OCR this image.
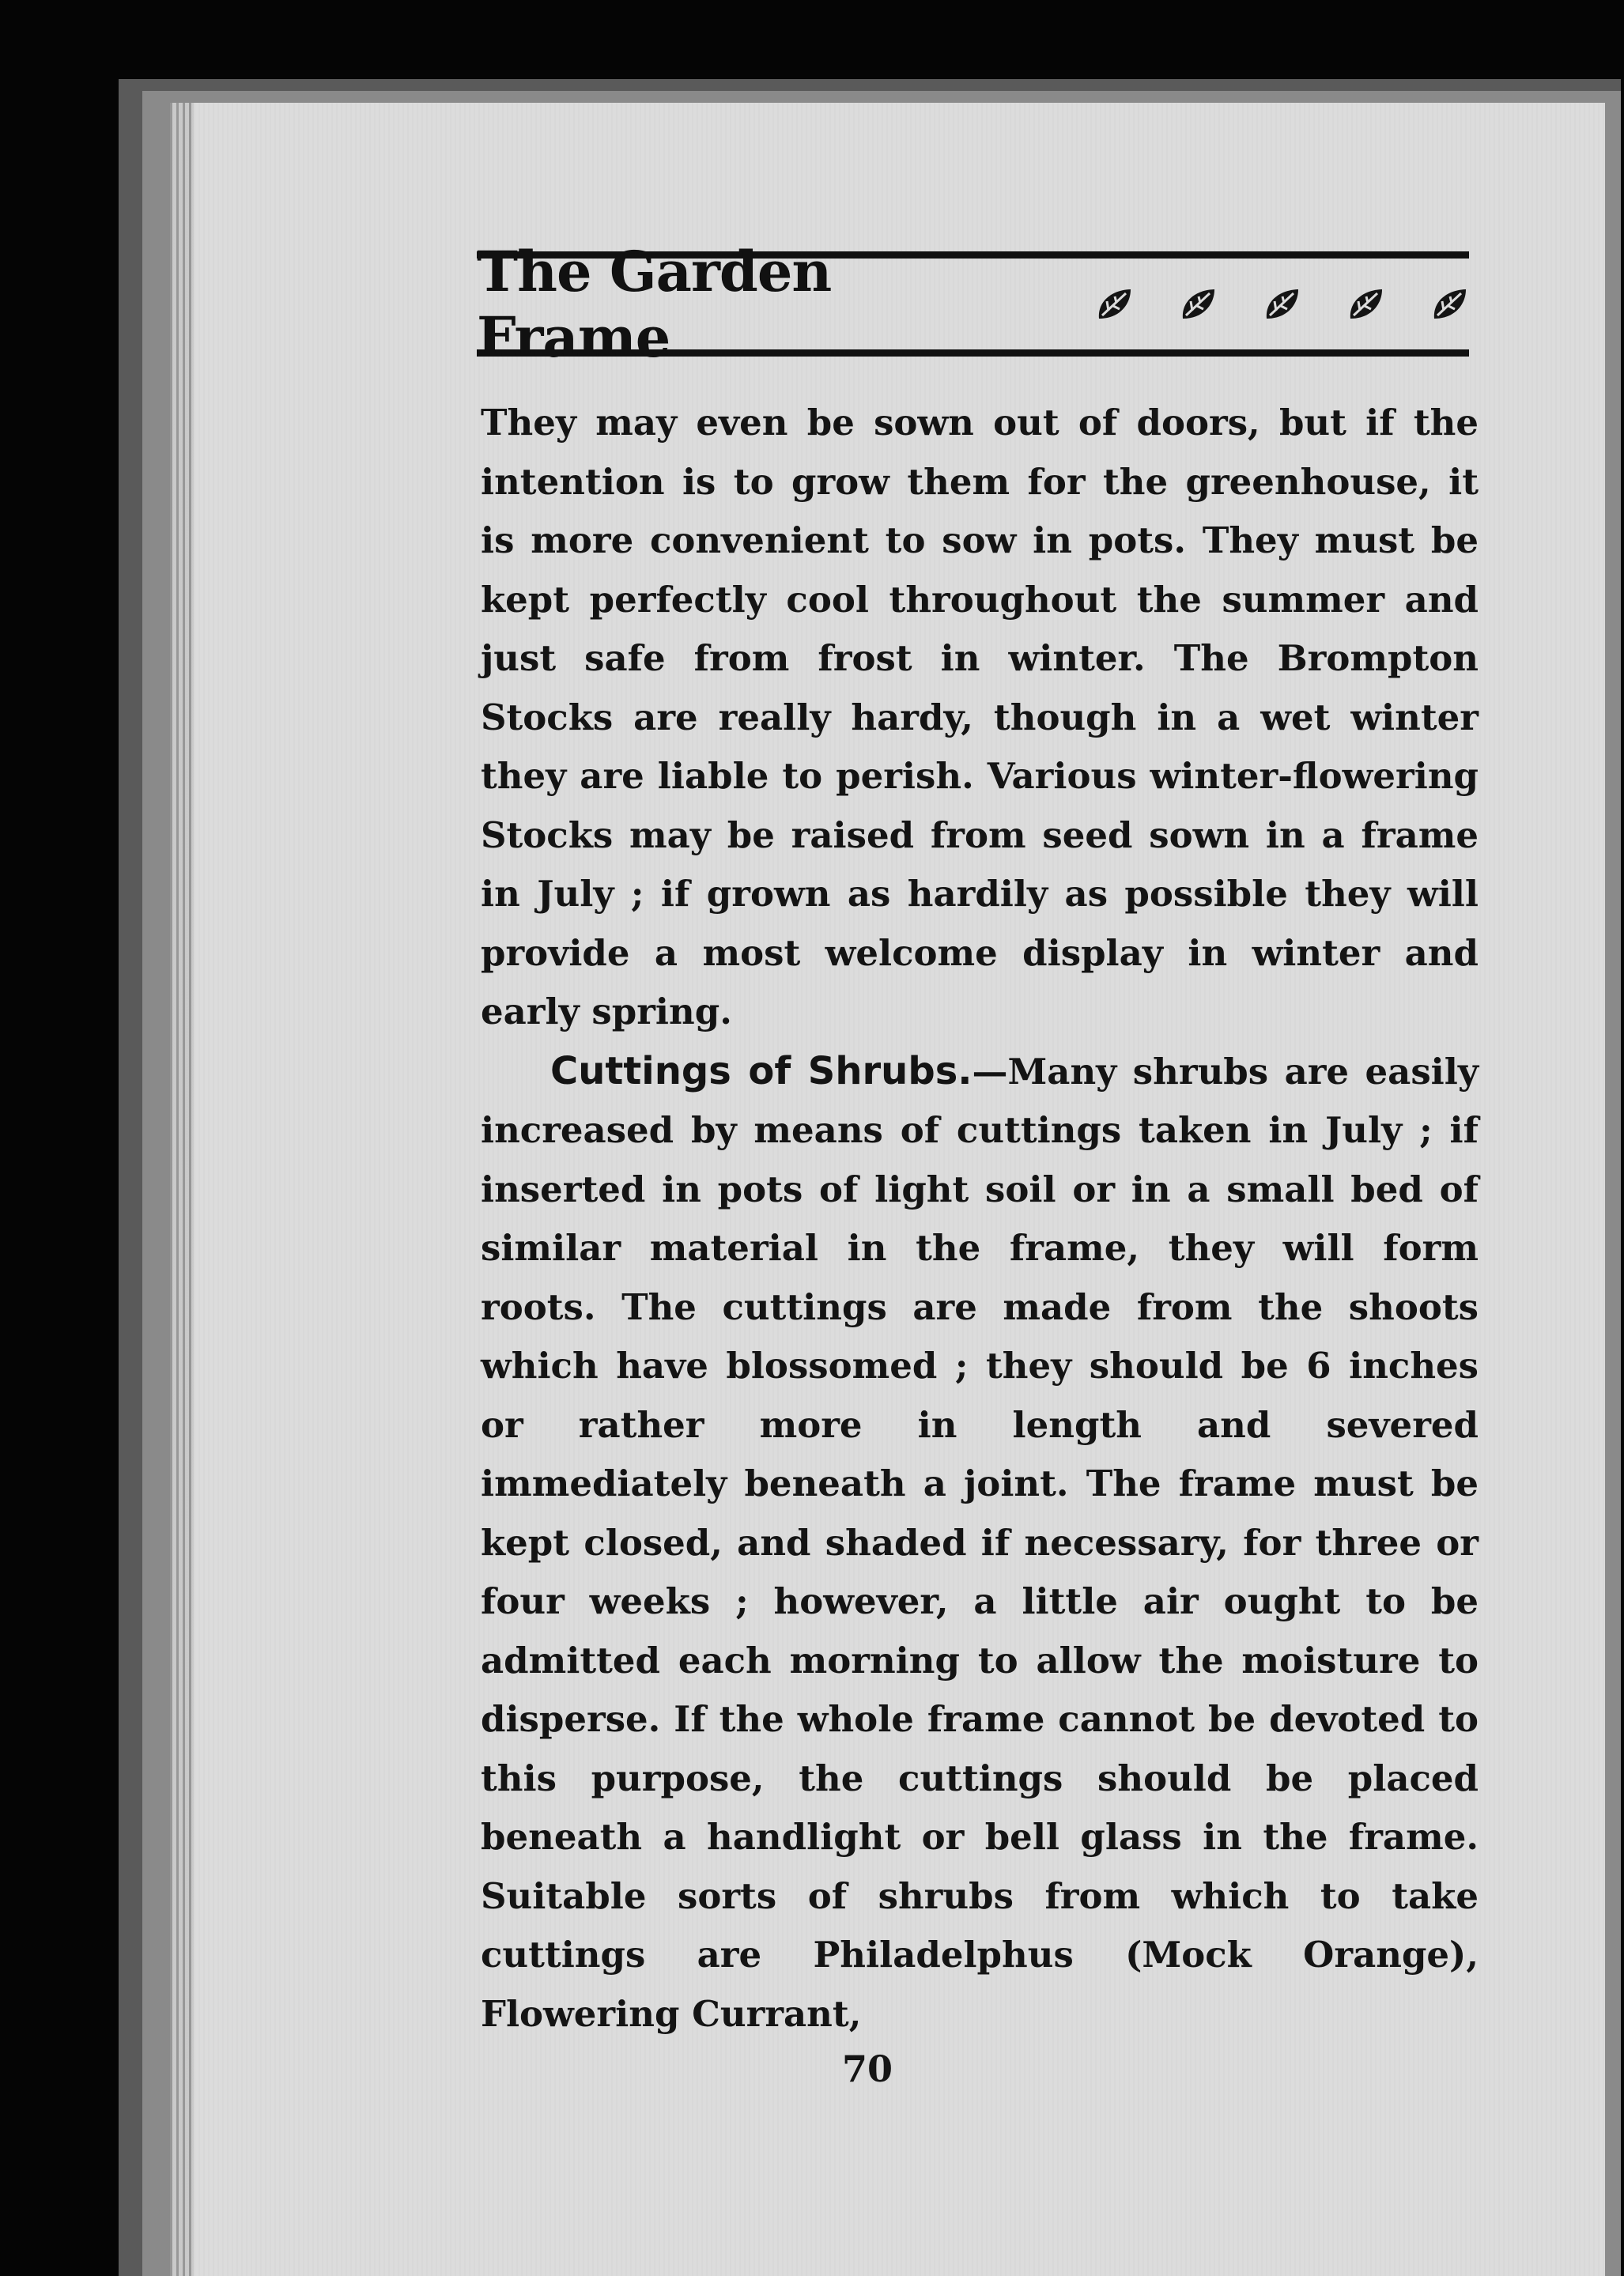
The Garden Frame

They may even be sown out of doors, but if the intention is to grow them for the greenhouse, it is more convenient to sow in pots. They must be kept perfectly cool throughout the summer and just safe from frost in winter. The Brompton Stocks are really hardy, though in a wet winter they are liable to perish. Various winter-flowering Stocks may be raised from seed sown in a frame in July ; if grown as hardily as possible they will provide a most welcome display in winter and early spring.

Cuttings of Shrubs.—Many shrubs are easily increased by means of cuttings taken in July ; if inserted in pots of light soil or in a small bed of similar material in the frame, they will form roots. The cuttings are made from the shoots which have blossomed ; they should be 6 inches or rather more in length and severed immediately beneath a joint. The frame must be kept closed, and shaded if necessary, for three or four weeks ; however, a little air ought to be admitted each morning to allow the moisture to disperse. If the whole frame cannot be devoted to this purpose, the cuttings should be placed beneath a handlight or bell glass in the frame. Suitable sorts of shrubs from which to take cuttings are Philadelphus (Mock Orange), Flowering Currant,

70
